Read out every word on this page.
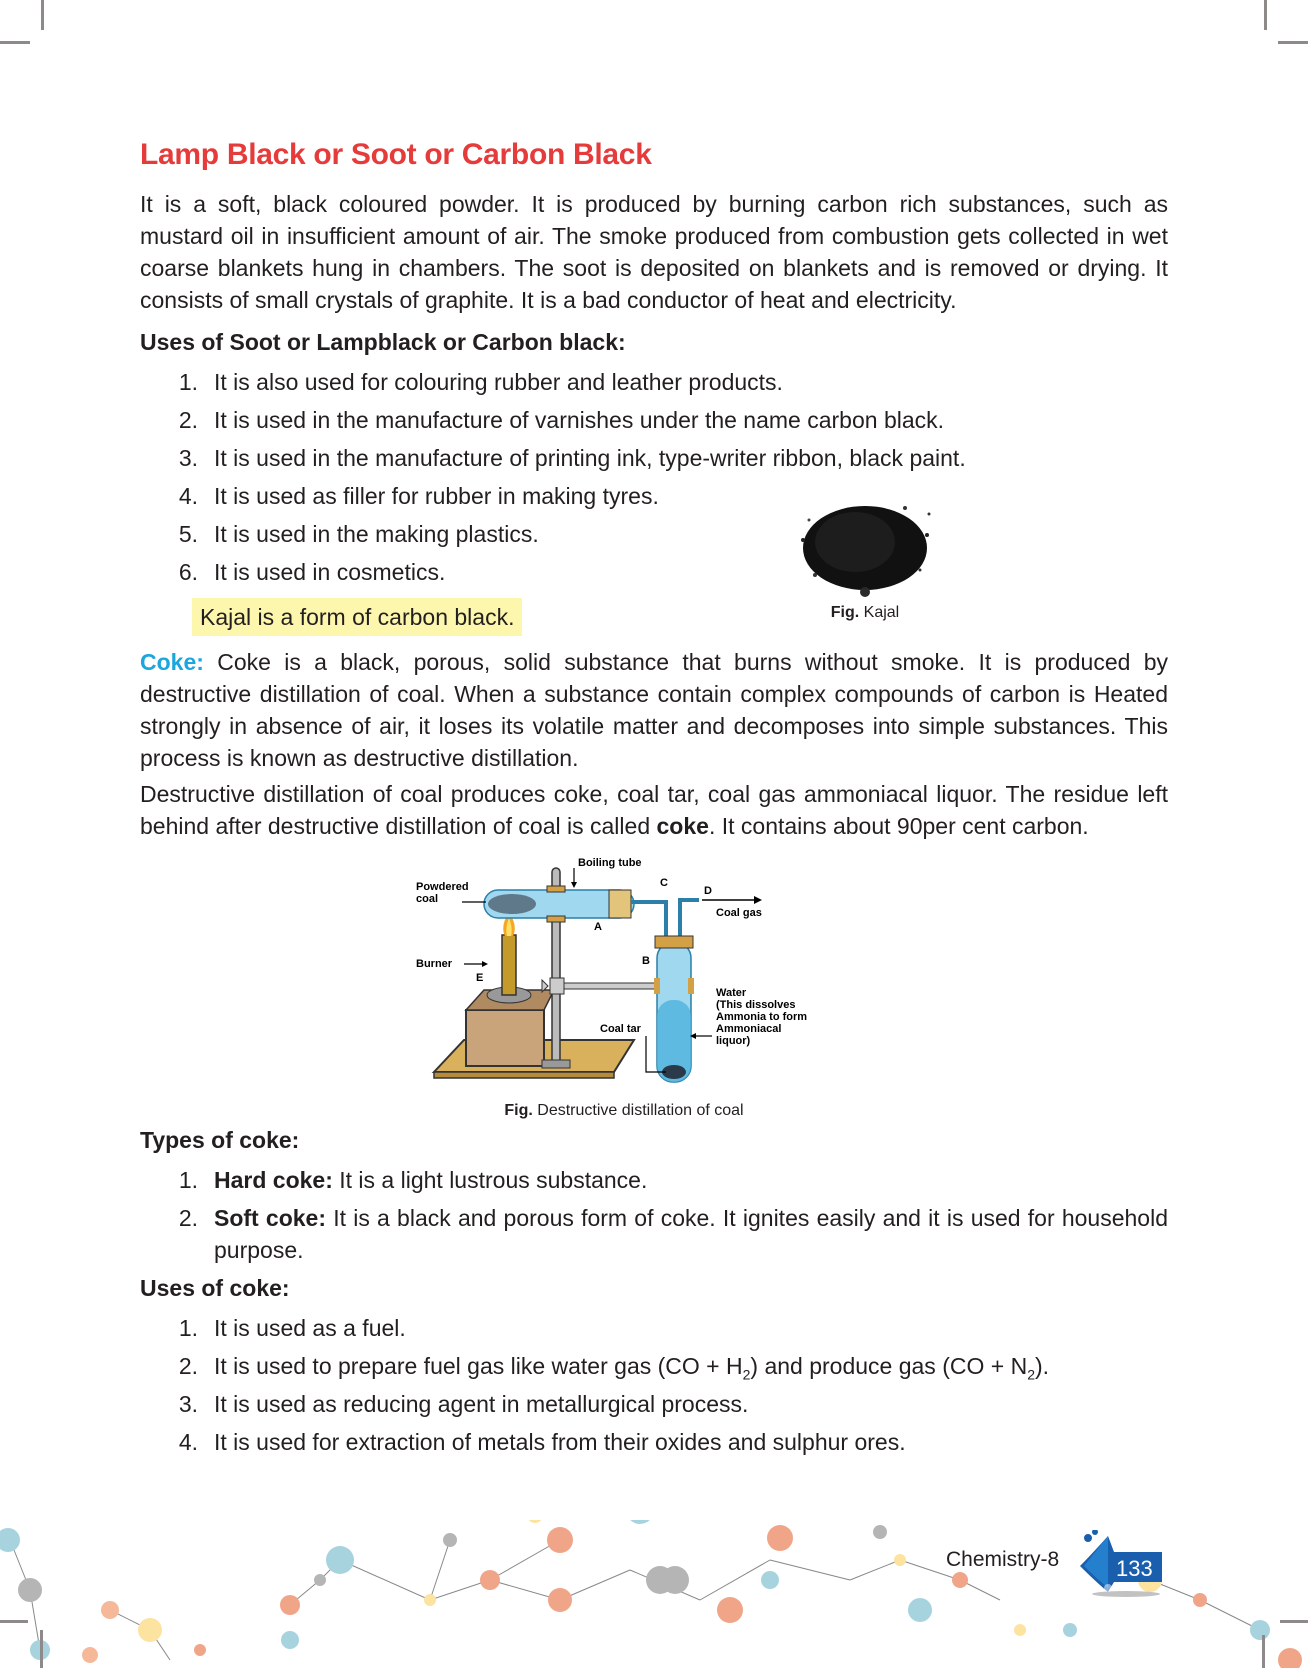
Lamp Black or Soot or Carbon Black

It is a soft, black coloured powder. It is produced by burning carbon rich substances, such as mustard oil in insufficient amount of air. The smoke produced from combustion gets collected in wet coarse blankets hung in chambers. The soot is deposited on blankets and is removed or drying. It consists of small crystals of graphite. It is a bad conductor of heat and electricity.

Uses of Soot or Lampblack or Carbon black:
1. It is also used for colouring rubber and leather products.
2. It is used in the manufacture of varnishes under the name carbon black.
3. It is used in the manufacture of printing ink, type-writer ribbon, black paint.
4. It is used as filler for rubber in making tyres.
5. It is used in the making plastics.
6. It is used in cosmetics.
Kajal is a form of carbon black.	Fig. Kajal

Coke: Coke is a black, porous, solid substance that burns without smoke. It is produced by destructive distillation of coal. When a substance contain complex compounds of carbon is Heated strongly in absence of air, it loses its volatile matter and decomposes into simple substances. This process is known as destructive distillation.

Destructive distillation of coal produces coke, coal tar, coal gas ammoniacal liquor. The residue left behind after destructive distillation of coal is called coke. It contains about 90per cent carbon.

Boiling tube
Powdered
coal
Burner
E
A
C
D
B
Coal gas
Coal tar
Water
(This dissolves
Ammonia to form
Ammoniacal
liquor)
Fig. Destructive distillation of coal
Types of coke:
1. Hard coke: It is a light lustrous substance.
2. Soft coke: It is a black and porous form of coke. It ignites easily and it is used for household purpose.
Uses of coke:
1. It is used as a fuel.
2. It is used to prepare fuel gas like water gas $(CO + H_2)$ and produce gas $(CO + N_2)$.
3. It is used as reducing agent in metallurgical process.
4. It is used for extraction of metals from their oxides and sulphur ores.
Chemistry-8	133
